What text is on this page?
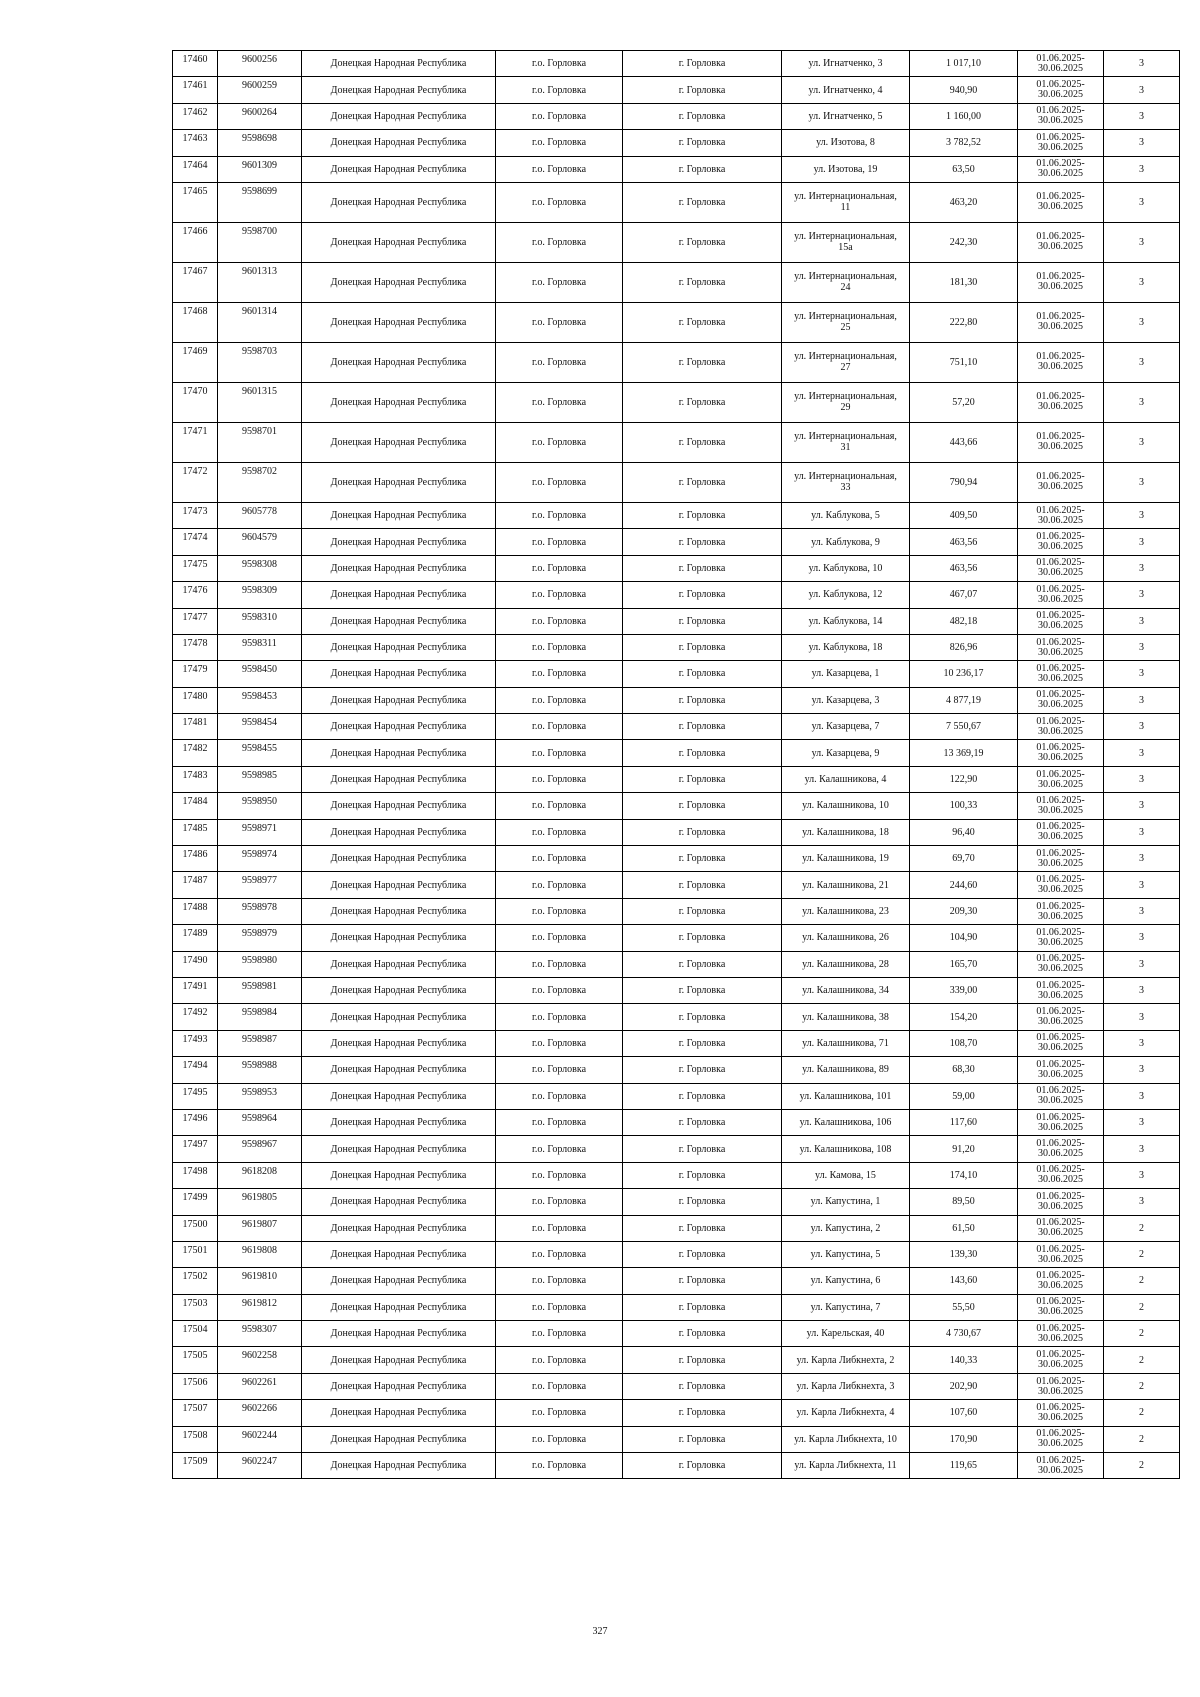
17460	9600256	Донецкая Народная Республика	г.о. Горловка	г. Горловка	ул. Игнатченко, 3	1 017,10	01.06.2025-
30.06.2025	3
17461	9600259	Донецкая Народная Республика	г.о. Горловка	г. Горловка	ул. Игнатченко, 4	940,90	01.06.2025-
30.06.2025	3
17462	9600264	Донецкая Народная Республика	г.о. Горловка	г. Горловка	ул. Игнатченко, 5	1 160,00	01.06.2025-
30.06.2025	3
17463	9598698	Донецкая Народная Республика	г.о. Горловка	г. Горловка	ул. Изотова, 8	3 782,52	01.06.2025-
30.06.2025	3
17464	9601309	Донецкая Народная Республика	г.о. Горловка	г. Горловка	ул. Изотова, 19	63,50	01.06.2025-
30.06.2025	3
17465	9598699	Донецкая Народная Республика	г.о. Горловка	г. Горловка	ул. Интернациональная,
11	463,20	01.06.2025-
30.06.2025	3
17466	9598700	Донецкая Народная Республика	г.о. Горловка	г. Горловка	ул. Интернациональная,
15а	242,30	01.06.2025-
30.06.2025	3
17467	9601313	Донецкая Народная Республика	г.о. Горловка	г. Горловка	ул. Интернациональная,
24	181,30	01.06.2025-
30.06.2025	3
17468	9601314	Донецкая Народная Республика	г.о. Горловка	г. Горловка	ул. Интернациональная,
25	222,80	01.06.2025-
30.06.2025	3
17469	9598703	Донецкая Народная Республика	г.о. Горловка	г. Горловка	ул. Интернациональная,
27	751,10	01.06.2025-
30.06.2025	3
17470	9601315	Донецкая Народная Республика	г.о. Горловка	г. Горловка	ул. Интернациональная,
29	57,20	01.06.2025-
30.06.2025	3
17471	9598701	Донецкая Народная Республика	г.о. Горловка	г. Горловка	ул. Интернациональная,
31	443,66	01.06.2025-
30.06.2025	3
17472	9598702	Донецкая Народная Республика	г.о. Горловка	г. Горловка	ул. Интернациональная,
33	790,94	01.06.2025-
30.06.2025	3
17473	9605778	Донецкая Народная Республика	г.о. Горловка	г. Горловка	ул. Каблукова, 5	409,50	01.06.2025-
30.06.2025	3
17474	9604579	Донецкая Народная Республика	г.о. Горловка	г. Горловка	ул. Каблукова, 9	463,56	01.06.2025-
30.06.2025	3
17475	9598308	Донецкая Народная Республика	г.о. Горловка	г. Горловка	ул. Каблукова, 10	463,56	01.06.2025-
30.06.2025	3
17476	9598309	Донецкая Народная Республика	г.о. Горловка	г. Горловка	ул. Каблукова, 12	467,07	01.06.2025-
30.06.2025	3
17477	9598310	Донецкая Народная Республика	г.о. Горловка	г. Горловка	ул. Каблукова, 14	482,18	01.06.2025-
30.06.2025	3
17478	9598311	Донецкая Народная Республика	г.о. Горловка	г. Горловка	ул. Каблукова, 18	826,96	01.06.2025-
30.06.2025	3
17479	9598450	Донецкая Народная Республика	г.о. Горловка	г. Горловка	ул. Казарцева, 1	10 236,17	01.06.2025-
30.06.2025	3
17480	9598453	Донецкая Народная Республика	г.о. Горловка	г. Горловка	ул. Казарцева, 3	4 877,19	01.06.2025-
30.06.2025	3
17481	9598454	Донецкая Народная Республика	г.о. Горловка	г. Горловка	ул. Казарцева, 7	7 550,67	01.06.2025-
30.06.2025	3
17482	9598455	Донецкая Народная Республика	г.о. Горловка	г. Горловка	ул. Казарцева, 9	13 369,19	01.06.2025-
30.06.2025	3
17483	9598985	Донецкая Народная Республика	г.о. Горловка	г. Горловка	ул. Калашникова, 4	122,90	01.06.2025-
30.06.2025	3
17484	9598950	Донецкая Народная Республика	г.о. Горловка	г. Горловка	ул. Калашникова, 10	100,33	01.06.2025-
30.06.2025	3
17485	9598971	Донецкая Народная Республика	г.о. Горловка	г. Горловка	ул. Калашникова, 18	96,40	01.06.2025-
30.06.2025	3
17486	9598974	Донецкая Народная Республика	г.о. Горловка	г. Горловка	ул. Калашникова, 19	69,70	01.06.2025-
30.06.2025	3
17487	9598977	Донецкая Народная Республика	г.о. Горловка	г. Горловка	ул. Калашникова, 21	244,60	01.06.2025-
30.06.2025	3
17488	9598978	Донецкая Народная Республика	г.о. Горловка	г. Горловка	ул. Калашникова, 23	209,30	01.06.2025-
30.06.2025	3
17489	9598979	Донецкая Народная Республика	г.о. Горловка	г. Горловка	ул. Калашникова, 26	104,90	01.06.2025-
30.06.2025	3
17490	9598980	Донецкая Народная Республика	г.о. Горловка	г. Горловка	ул. Калашникова, 28	165,70	01.06.2025-
30.06.2025	3
17491	9598981	Донецкая Народная Республика	г.о. Горловка	г. Горловка	ул. Калашникова, 34	339,00	01.06.2025-
30.06.2025	3
17492	9598984	Донецкая Народная Республика	г.о. Горловка	г. Горловка	ул. Калашникова, 38	154,20	01.06.2025-
30.06.2025	3
17493	9598987	Донецкая Народная Республика	г.о. Горловка	г. Горловка	ул. Калашникова, 71	108,70	01.06.2025-
30.06.2025	3
17494	9598988	Донецкая Народная Республика	г.о. Горловка	г. Горловка	ул. Калашникова, 89	68,30	01.06.2025-
30.06.2025	3
17495	9598953	Донецкая Народная Республика	г.о. Горловка	г. Горловка	ул. Калашникова, 101	59,00	01.06.2025-
30.06.2025	3
17496	9598964	Донецкая Народная Республика	г.о. Горловка	г. Горловка	ул. Калашникова, 106	117,60	01.06.2025-
30.06.2025	3
17497	9598967	Донецкая Народная Республика	г.о. Горловка	г. Горловка	ул. Калашникова, 108	91,20	01.06.2025-
30.06.2025	3
17498	9618208	Донецкая Народная Республика	г.о. Горловка	г. Горловка	ул. Камова, 15	174,10	01.06.2025-
30.06.2025	3
17499	9619805	Донецкая Народная Республика	г.о. Горловка	г. Горловка	ул. Капустина, 1	89,50	01.06.2025-
30.06.2025	3
17500	9619807	Донецкая Народная Республика	г.о. Горловка	г. Горловка	ул. Капустина, 2	61,50	01.06.2025-
30.06.2025	2
17501	9619808	Донецкая Народная Республика	г.о. Горловка	г. Горловка	ул. Капустина, 5	139,30	01.06.2025-
30.06.2025	2
17502	9619810	Донецкая Народная Республика	г.о. Горловка	г. Горловка	ул. Капустина, 6	143,60	01.06.2025-
30.06.2025	2
17503	9619812	Донецкая Народная Республика	г.о. Горловка	г. Горловка	ул. Капустина, 7	55,50	01.06.2025-
30.06.2025	2
17504	9598307	Донецкая Народная Республика	г.о. Горловка	г. Горловка	ул. Карельская, 40	4 730,67	01.06.2025-
30.06.2025	2
17505	9602258	Донецкая Народная Республика	г.о. Горловка	г. Горловка	ул. Карла Либкнехта, 2	140,33	01.06.2025-
30.06.2025	2
17506	9602261	Донецкая Народная Республика	г.о. Горловка	г. Горловка	ул. Карла Либкнехта, 3	202,90	01.06.2025-
30.06.2025	2
17507	9602266	Донецкая Народная Республика	г.о. Горловка	г. Горловка	ул. Карла Либкнехта, 4	107,60	01.06.2025-
30.06.2025	2
17508	9602244	Донецкая Народная Республика	г.о. Горловка	г. Горловка	ул. Карла Либкнехта, 10	170,90	01.06.2025-
30.06.2025	2
17509	9602247	Донецкая Народная Республика	г.о. Горловка	г. Горловка	ул. Карла Либкнехта, 11	119,65	01.06.2025-
30.06.2025	2
327
